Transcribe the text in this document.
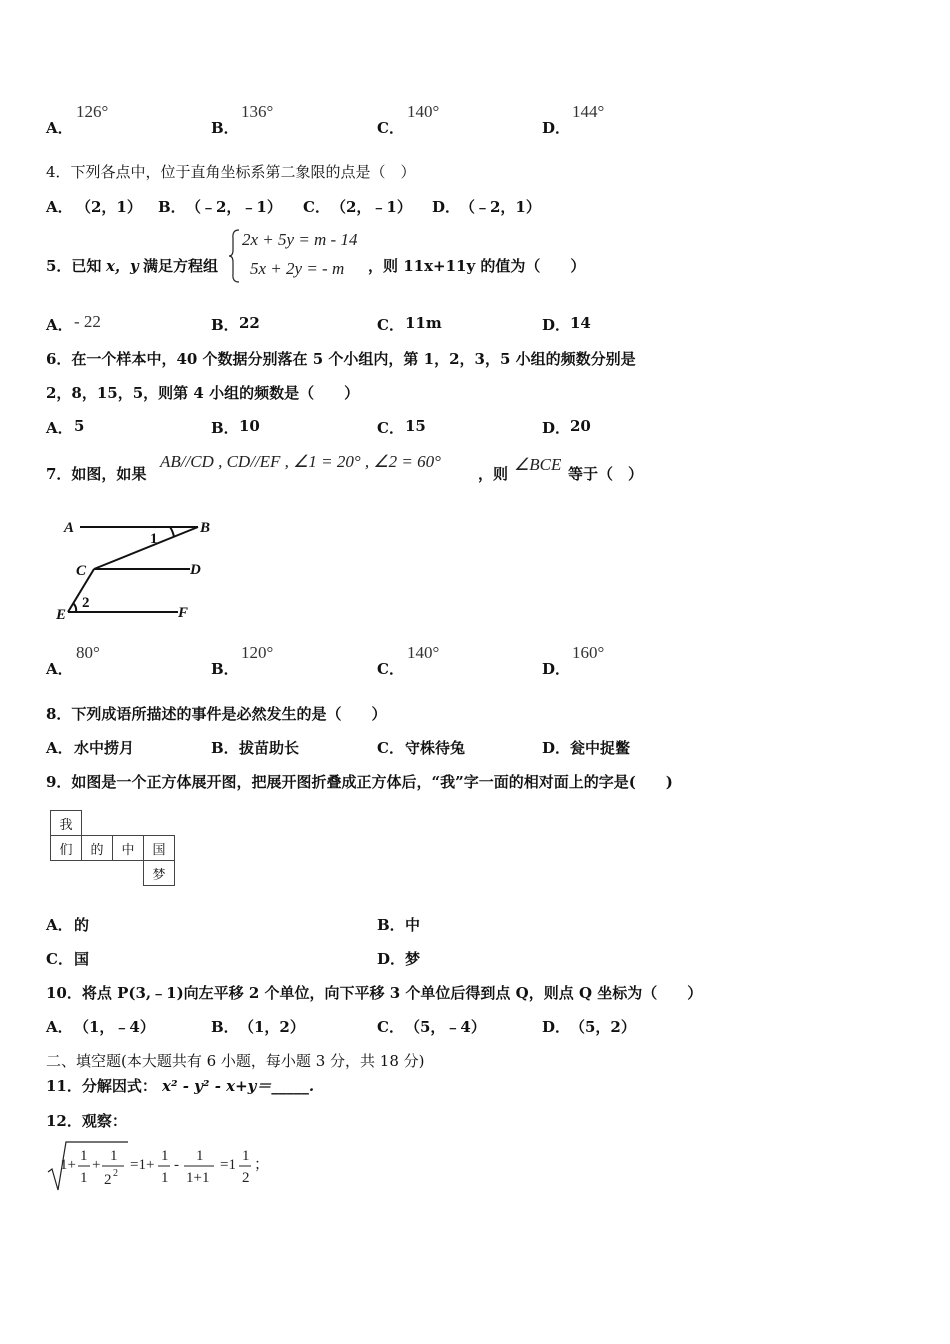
A．
126°
B．
136°
C．
140°
D．
144°
4．下列各点中，位于直角坐标系第二象限的点是（　）
A． （2，1） B． （﹣2，﹣1） C． （2，﹣1） D． （﹣2，1）
5．已知 x，y 满足方程组
2x + 5y = m - 14
5x + 2y = - m ，则 11x+11y 的值为（　　）
A． - 22	B． 22	C． 11m	D． 14
6．在一个样本中，40 个数据分别落在 5 个小组内，第 1，2，3，5 小组的频数分别是
2，8，15，5，则第 4 小组的频数是（　　）
A． 5	B． 10	C． 15	D． 20
7．如图，如果
AB//CD , CD//EF , ∠1 = 20° , ∠2 = 60°
，则 ∠BCE 等于（　）
A	B
C	D
E	F
1
2
A．
80°
B．
120°
C．
140°
D．
160°
8．下列成语所描述的事件是必然发生的是（　　）
A． 水中捞月	B． 拔苗助长	C． 守株待兔	D． 瓮中捉鳖
9．如图是一个正方体展开图，把展开图折叠成正方体后，“我”字一面的相对面上的字是(　　)
我			
们	的	中	国
			梦
A． 的	B． 中
C． 国	D． 梦
10．将点 P(3,﹣1)向左平移 2 个单位，向下平移 3 个单位后得到点 Q，则点 Q 坐标为（　　）
A． （1，﹣4）	B． （1，2）	C． （5，﹣4）	D． （5，2）
二、填空题(本大题共有 6 小题，每小题 3 分，共 18 分)
11．分解因式： x² - y² - x+y＝_____.
12．观察：
1+
1
1
+
1
2 2
=1+
1
1
-
1
1+1
=1
1
2
；
